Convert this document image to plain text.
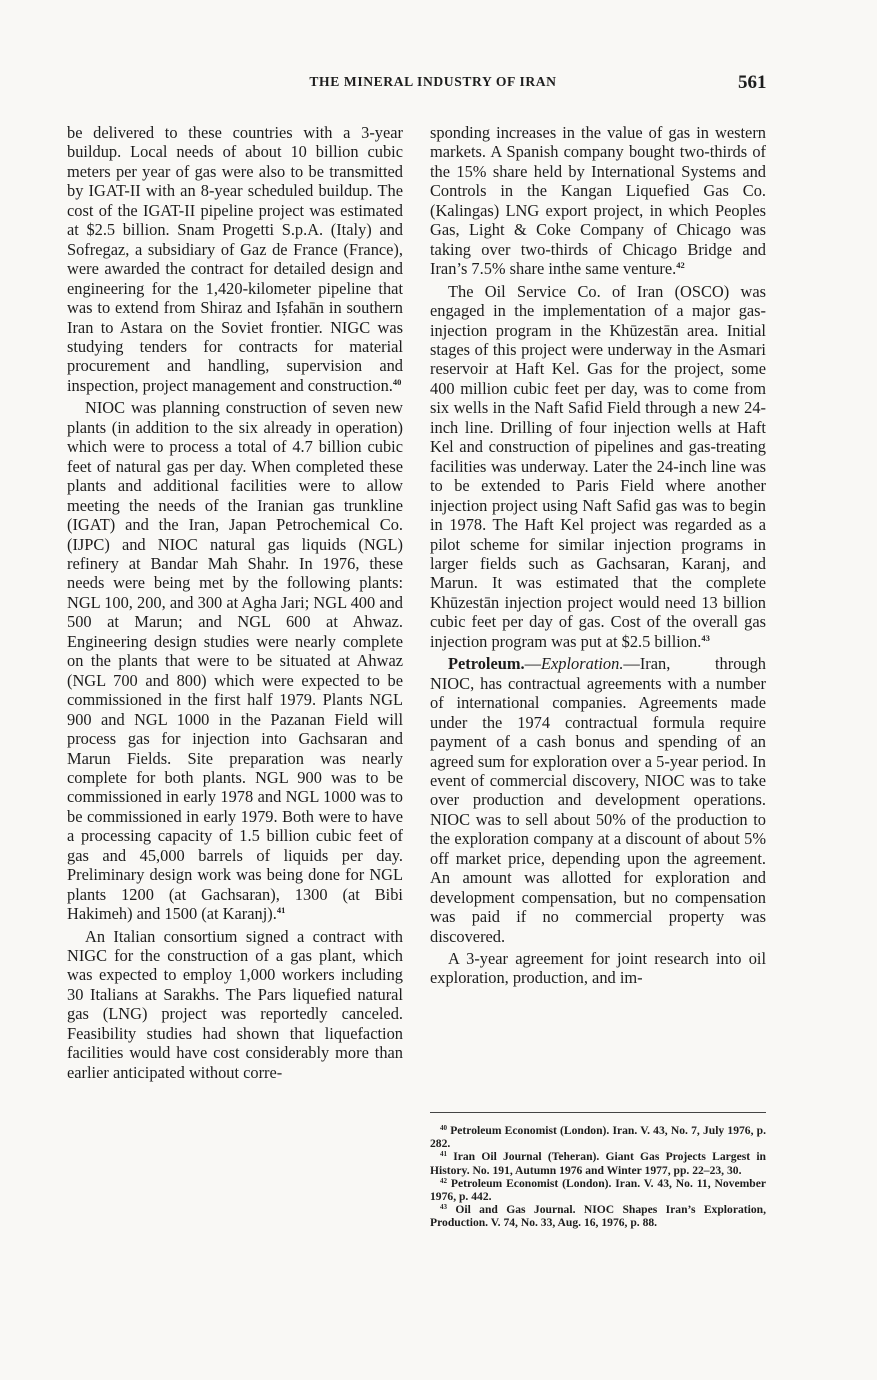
THE MINERAL INDUSTRY OF IRAN	561

be delivered to these countries with a 3-year buildup. Local needs of about 10 billion cubic meters per year of gas were also to be transmitted by IGAT-II with an 8-year scheduled buildup. The cost of the IGAT-II pipeline project was estimated at $2.5 billion. Snam Progetti S.p.A. (Italy) and Sofregaz, a subsidiary of Gaz de France (France), were awarded the contract for detailed design and engineering for the 1,420-kilometer pipeline that was to extend from Shiraz and Iṣfahān in southern Iran to Astara on the Soviet frontier. NIGC was studying tenders for contracts for material procurement and handling, supervision and inspection, project management and construction.$^{40}$

NIOC was planning construction of seven new plants (in addition to the six already in operation) which were to process a total of 4.7 billion cubic feet of natural gas per day. When completed these plants and additional facilities were to allow meeting the needs of the Iranian gas trunkline (IGAT) and the Iran, Japan Petrochemical Co. (IJPC) and NIOC natural gas liquids (NGL) refinery at Bandar Mah Shahr. In 1976, these needs were being met by the following plants: NGL 100, 200, and 300 at Agha Jari; NGL 400 and 500 at Marun; and NGL 600 at Ahwaz. Engineering design studies were nearly complete on the plants that were to be situated at Ahwaz (NGL 700 and 800) which were expected to be commissioned in the first half 1979. Plants NGL 900 and NGL 1000 in the Pazanan Field will process gas for injection into Gachsaran and Marun Fields. Site preparation was nearly complete for both plants. NGL 900 was to be commissioned in early 1978 and NGL 1000 was to be commissioned in early 1979. Both were to have a processing capacity of 1.5 billion cubic feet of gas and 45,000 barrels of liquids per day. Preliminary design work was being done for NGL plants 1200 (at Gachsaran), 1300 (at Bibi Hakimeh) and 1500 (at Karanj).$^{41}$

An Italian consortium signed a contract with NIGC for the construction of a gas plant, which was expected to employ 1,000 workers including 30 Italians at Sarakhs. The Pars liquefied natural gas (LNG) project was reportedly canceled. Feasibility studies had shown that liquefaction facilities would have cost considerably more than earlier anticipated without corre-

sponding increases in the value of gas in western markets. A Spanish company bought two-thirds of the 15% share held by International Systems and Controls in the Kangan Liquefied Gas Co. (Kalingas) LNG export project, in which Peoples Gas, Light & Coke Company of Chicago was taking over two-thirds of Chicago Bridge and Iran’s 7.5% share inthe same venture.$^{42}$

The Oil Service Co. of Iran (OSCO) was engaged in the implementation of a major gas-injection program in the Khūzestān area. Initial stages of this project were underway in the Asmari reservoir at Haft Kel. Gas for the project, some 400 million cubic feet per day, was to come from six wells in the Naft Safid Field through a new 24-inch line. Drilling of four injection wells at Haft Kel and construction of pipelines and gas-treating facilities was underway. Later the 24-inch line was to be extended to Paris Field where another injection project using Naft Safid gas was to begin in 1978. The Haft Kel project was regarded as a pilot scheme for similar injection programs in larger fields such as Gachsaran, Karanj, and Marun. It was estimated that the complete Khūzestān injection project would need 13 billion cubic feet per day of gas. Cost of the overall gas injection program was put at $2.5 billion.$^{43}$

Petroleum.—Exploration.—Iran, through NIOC, has contractual agreements with a number of international companies. Agreements made under the 1974 contractual formula require payment of a cash bonus and spending of an agreed sum for exploration over a 5-year period. In event of commercial discovery, NIOC was to take over production and development operations. NIOC was to sell about 50% of the production to the exploration company at a discount of about 5% off market price, depending upon the agreement. An amount was allotted for exploration and development compensation, but no compensation was paid if no commercial property was discovered.

A 3-year agreement for joint research into oil exploration, production, and im-

$^{40}$ Petroleum Economist (London). Iran. V. 43, No. 7, July 1976, p. 282.

$^{41}$ Iran Oil Journal (Teheran). Giant Gas Projects Largest in History. No. 191, Autumn 1976 and Winter 1977, pp. 22–23, 30.

$^{42}$ Petroleum Economist (London). Iran. V. 43, No. 11, November 1976, p. 442.

$^{43}$ Oil and Gas Journal. NIOC Shapes Iran’s Exploration, Production. V. 74, No. 33, Aug. 16, 1976, p. 88.
